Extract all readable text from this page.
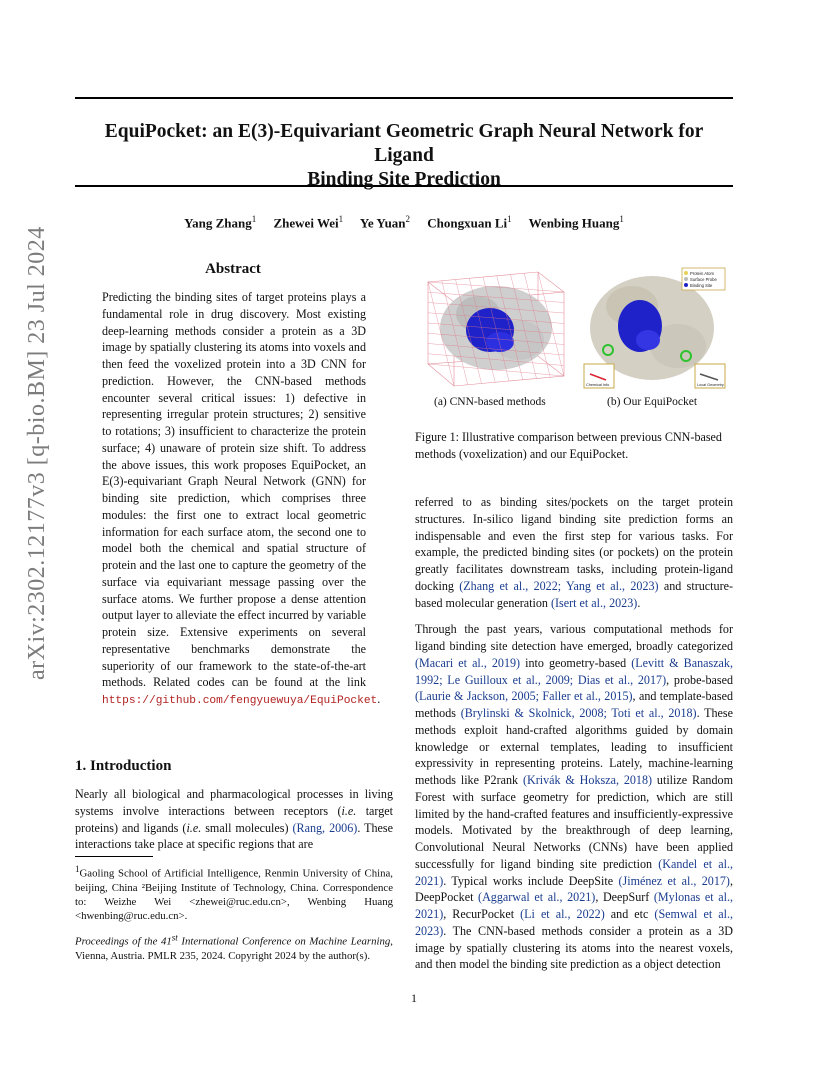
EquiPocket: an E(3)-Equivariant Geometric Graph Neural Network for Ligand
Binding Site Prediction
Yang Zhang$^1$ Zhewei Wei$^1$ Ye Yuan$^2$ Chongxuan Li$^1$ Wenbing Huang$^1$
arXiv:2302.12177v3 [q-bio.BM] 23 Jul 2024	Abstract
Predicting the binding sites of target proteins plays a fundamental role in drug discovery. Most existing deep-learning methods consider a protein as a 3D image by spatially clustering its atoms into voxels and then feed the voxelized protein into a 3D CNN for prediction. However, the CNN-based methods encounter several critical issues: 1) defective in representing irregular protein structures; 2) sensitive to rotations; 3) insufficient to characterize the protein surface; 4) unaware of protein size shift. To address the above issues, this work proposes EquiPocket, an E(3)-equivariant Graph Neural Network (GNN) for binding site prediction, which comprises three modules: the first one to extract local geometric information for each surface atom, the second one to model both the chemical and spatial structure of protein and the last one to capture the geometry of the surface via equivariant message passing over the surface atoms. We further propose a dense attention output layer to alleviate the effect incurred by variable protein size. Extensive experiments on several representative benchmarks demonstrate the superiority of our framework to the state-of-the-art methods. Related codes can be found at the link https://github.com/fengyuewuya/EquiPocket.
1. Introduction
Nearly all biological and pharmacological processes in living systems involve interactions between receptors (i.e. target proteins) and ligands (i.e. small molecules) (Rang, 2006). These interactions take place at specific regions that are
$^1$Gaoling School of Artificial Intelligence, Renmin University of China, beijing, China ²Beijing Institute of Technology, China. Correspondence to: Weizhe Wei <zhewei@ruc.edu.cn>, Wenbing Huang <hwenbing@ruc.edu.cn>.
Proceedings of the 41st International Conference on Machine Learning, Vienna, Austria. PMLR 235, 2024. Copyright 2024 by the author(s).
(a) CNN-based methods
Protein Atom
Surface Probe
Binding Site
Chemical Info	Local Geometry
(b) Our EquiPocket
Figure 1: Illustrative comparison between previous CNN-based methods (voxelization) and our EquiPocket.

referred to as binding sites/pockets on the target protein structures. In-silico ligand binding site prediction forms an indispensable and even the first step for various tasks. For example, the predicted binding sites (or pockets) on the protein greatly facilitates downstream tasks, including protein-ligand docking (Zhang et al., 2022; Yang et al., 2023) and structure-based molecular generation (Isert et al., 2023).

Through the past years, various computational methods for ligand binding site detection have emerged, broadly categorized (Macari et al., 2019) into geometry-based (Levitt & Banaszak, 1992; Le Guilloux et al., 2009; Dias et al., 2017), probe-based (Laurie & Jackson, 2005; Faller et al., 2015), and template-based methods (Brylinski & Skolnick, 2008; Toti et al., 2018). These methods exploit hand-crafted algorithms guided by domain knowledge or external templates, leading to insufficient expressivity in representing proteins. Lately, machine-learning methods like P2rank (Krivák & Hoksza, 2018) utilize Random Forest with surface geometry for prediction, which are still limited by the hand-crafted features and insufficiently-expressive models. Motivated by the breakthrough of deep learning, Convolutional Neural Networks (CNNs) have been applied successfully for ligand binding site prediction (Kandel et al., 2021). Typical works include DeepSite (Jiménez et al., 2017), DeepPocket (Aggarwal et al., 2021), DeepSurf (Mylonas et al., 2021), RecurPocket (Li et al., 2022) and etc (Semwal et al., 2023). The CNN-based methods consider a protein as a 3D image by spatially clustering its atoms into the nearest voxels, and then model the binding site prediction as a object detection

1
